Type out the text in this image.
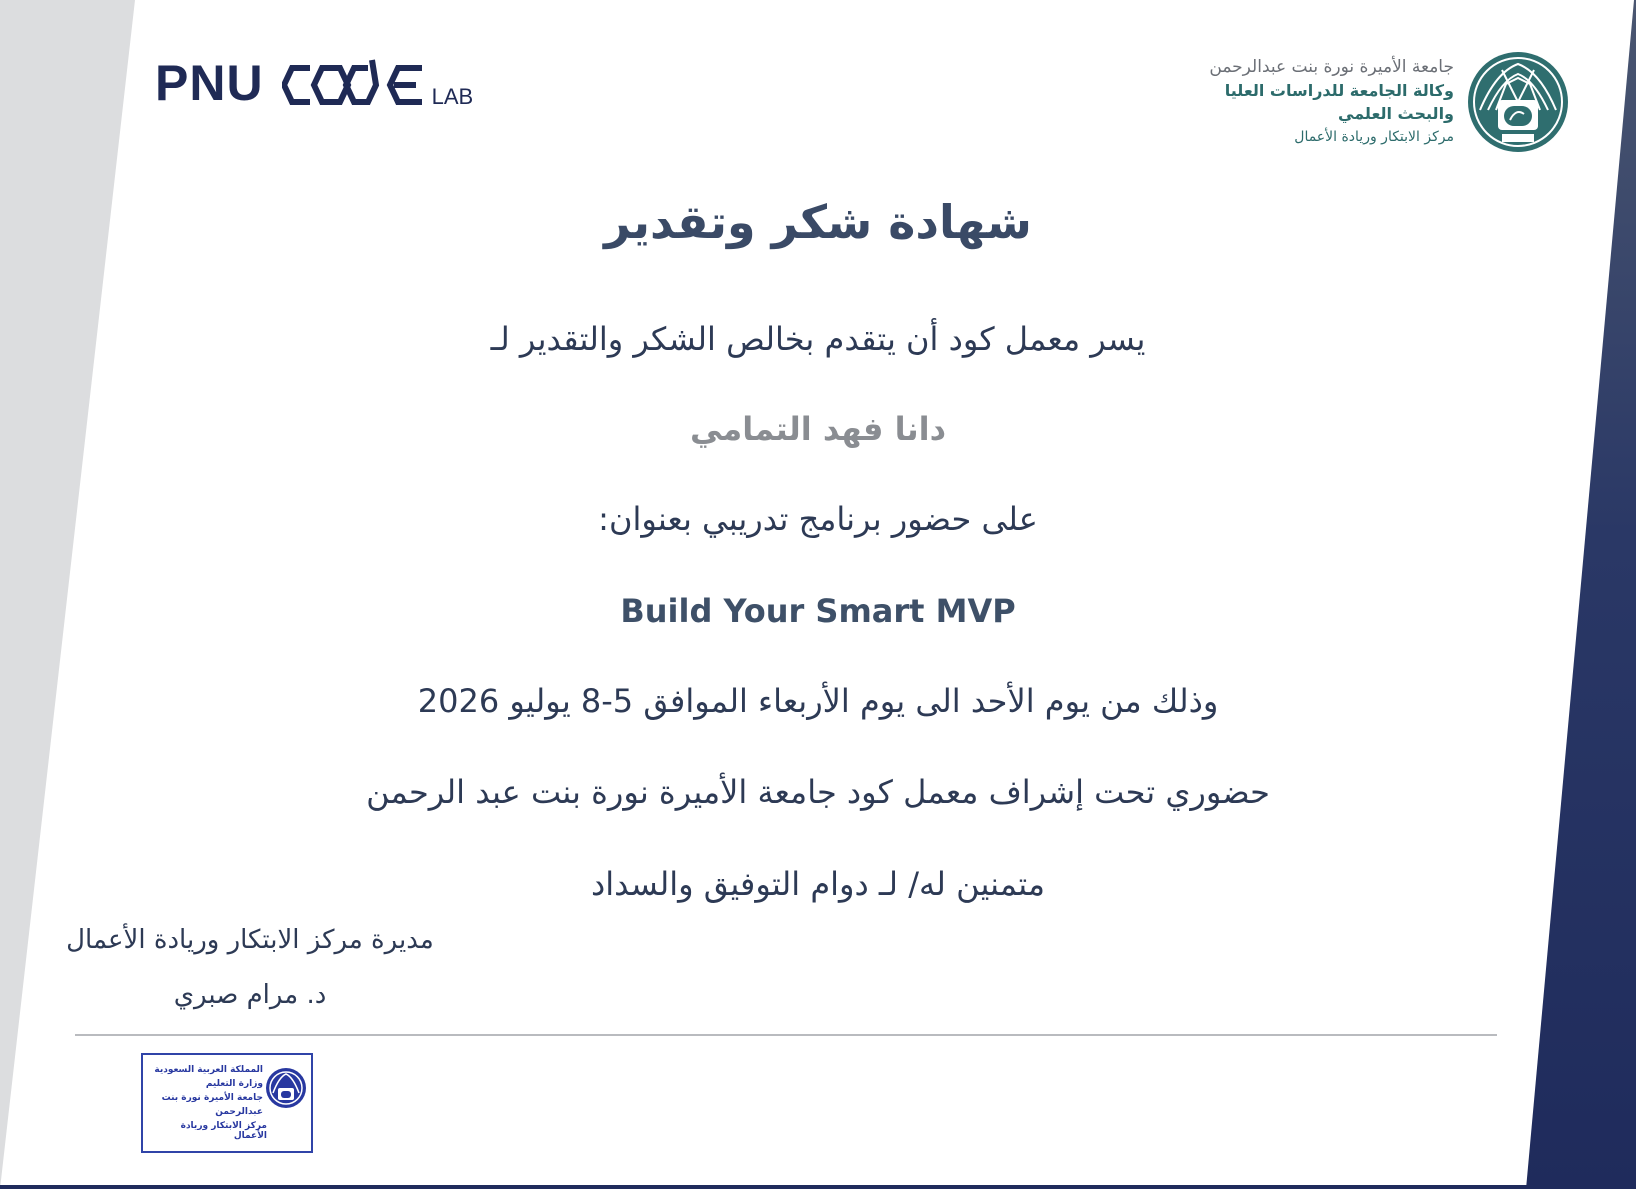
PNU	LAB
جامعة الأميرة نورة بنت عبدالرحمن
وكالة الجامعة للدراسات العليا
والبحث العلمي
مركز الابتكار وريادة الأعمال
شهادة شكر وتقدير
يسر معمل كود أن يتقدم بخالص الشكر والتقدير لـ
دانا فهد التمامي
على حضور برنامج تدريبي بعنوان:
Build Your Smart MVP
وذلك من يوم الأحد الى يوم الأربعاء الموافق 5-8 يوليو 2026
حضوري تحت إشراف معمل كود جامعة الأميرة نورة بنت عبد الرحمن
متمنين له/ لـ دوام التوفيق والسداد
مديرة مركز الابتكار وريادة الأعمال
د. مرام صبري
المملكة العربية السعودية
وزارة التعليم
جامعة الأميرة نورة بنت عبدالرحمن
مركز الابتكار وريادة الأعمال
